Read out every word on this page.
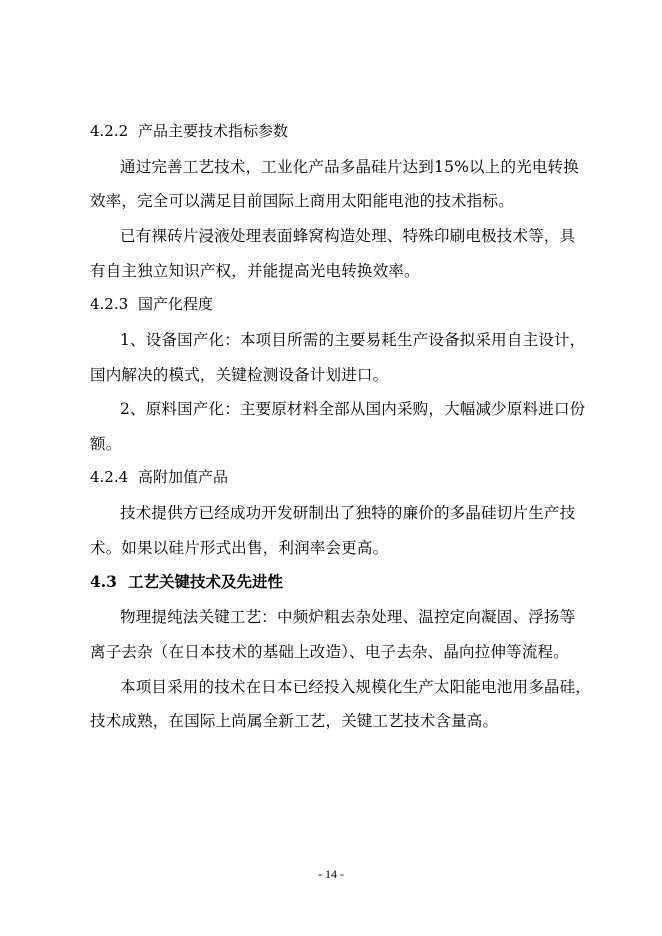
4.2.2 产品主要技术指标参数
通过完善工艺技术，工业化产品多晶硅片达到15%以上的光电转换
效率，完全可以满足目前国际上商用太阳能电池的技术指标。
已有裸砖片浸液处理表面蜂窝构造处理、特殊印刷电极技术等，具
有自主独立知识产权，并能提高光电转换效率。
4.2.3 国产化程度
1、设备国产化：本项目所需的主要易耗生产设备拟采用自主设计，
国内解决的模式，关键检测设备计划进口。
2、原料国产化：主要原材料全部从国内采购，大幅减少原料进口份
额。
4.2.4 高附加值产品
技术提供方已经成功开发研制出了独特的廉价的多晶硅切片生产技
术。如果以硅片形式出售，利润率会更高。
4.3 工艺关键技术及先进性
物理提纯法关键工艺：中频炉粗去杂处理、温控定向凝固、浮扬等
离子去杂（在日本技术的基础上改造）、电子去杂、晶向拉伸等流程。
本项目采用的技术在日本已经投入规模化生产太阳能电池用多晶硅，
技术成熟，在国际上尚属全新工艺，关键工艺技术含量高。
- 14 -
